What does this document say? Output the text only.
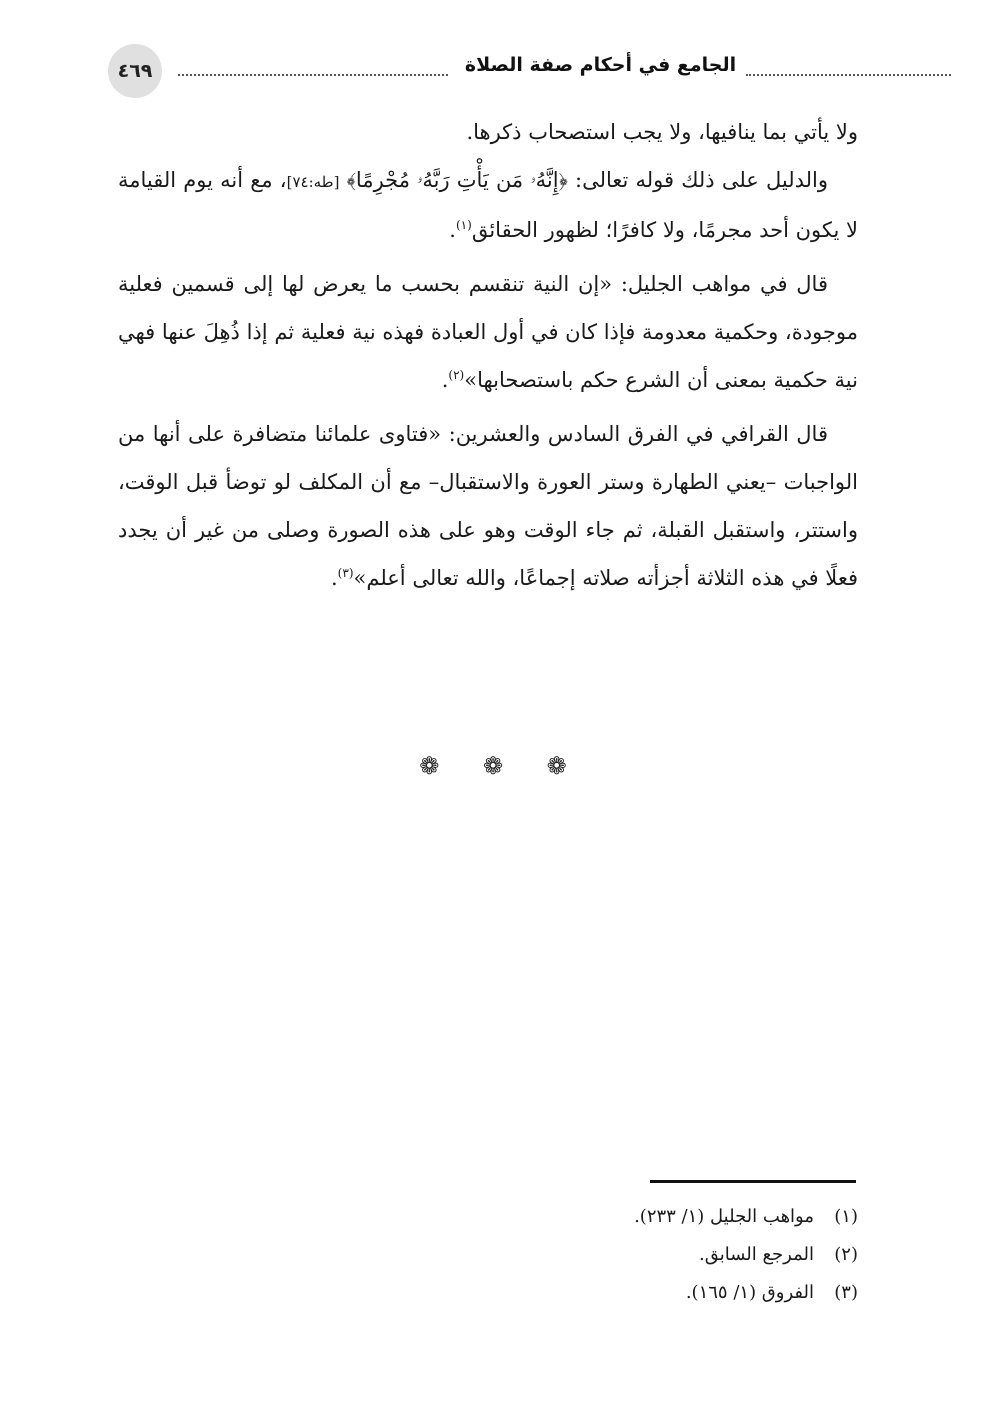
٤٦٩	الجامع في أحكام صفة الصلاة

ولا يأتي بما ينافيها، ولا يجب استصحاب ذكرها.

والدليل على ذلك قوله تعالى: ﴿إِنَّهُۥ مَن يَأْتِ رَبَّهُۥ مُجْرِمًا﴾ [طه:٧٤]، مع أنه يوم القيامة لا يكون أحد مجرمًا، ولا كافرًا؛ لظهور الحقائق$^{(١)}$.

قال في مواهب الجليل: «إن النية تنقسم بحسب ما يعرض لها إلى قسمين فعلية موجودة، وحكمية معدومة فإذا كان في أول العبادة فهذه نية فعلية ثم إذا ذُهِلَ عنها فهي نية حكمية بمعنى أن الشرع حكم باستصحابها»$^{(٢)}$.

قال القرافي في الفرق السادس والعشرين: «فتاوى علمائنا متضافرة على أنها من الواجبات –يعني الطهارة وستر العورة والاستقبال– مع أن المكلف لو توضأ قبل الوقت، واستتر، واستقبل القبلة، ثم جاء الوقت وهو على هذه الصورة وصلى من غير أن يجدد فعلًا في هذه الثلاثة أجزأته صلاته إجماعًا، والله تعالى أعلم»$^{(٣)}$.

❁ ❁ ❁
(١)
مواهب الجليل (١/ ٢٣٣).
(٢)
المرجع السابق.
(٣)
الفروق (١/ ١٦٥).
